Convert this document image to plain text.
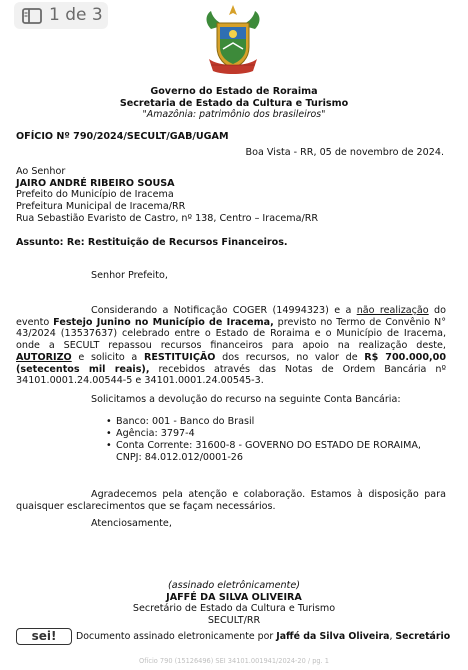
1 de 3
Governo do Estado de Roraima
Secretaria de Estado da Cultura e Turismo
"Amazônia: patrimônio dos brasileiros"
OFÍCIO Nº 790/2024/SECULT/GAB/UGAM
Boa Vista - RR, 05 de novembro de 2024.
Ao Senhor
JAIRO ANDRÉ RIBEIRO SOUSA
Prefeito do Município de Iracema
Prefeitura Municipal de Iracema/RR
Rua Sebastião Evaristo de Castro, nº 138, Centro – Iracema/RR
Assunto: Re: Restituição de Recursos Financeiros.
Senhor Prefeito,
Considerando a Notificação COGER (14994323) e a não realização do evento Festejo Junino no Município de Iracema, previsto no Termo de Convênio N° 43/2024 (13537637) celebrado entre o Estado de Roraima e o Município de Iracema, onde a SECULT repassou recursos financeiros para apoio na realização deste, AUTORIZO e solicito a RESTITUIÇÃO dos recursos, no valor de R$ 700.000,00 (setecentos mil reais), recebidos através das Notas de Ordem Bancária nº 34101.0001.24.00544-5 e 34101.0001.24.00545-3.
Solicitamos a devolução do recurso na seguinte Conta Bancária:
• Banco: 001 - Banco do Brasil
• Agência: 3797-4
• Conta Corrente: 31600-8 - GOVERNO DO ESTADO DE RORAIMA, CNPJ: 84.012.012/0001-26
Agradecemos pela atenção e colaboração. Estamos à disposição para quaisquer esclarecimentos que se façam necessários.
Atenciosamente,
(assinado eletrônicamente)
JAFFÉ DA SILVA OLIVEIRA
Secretário de Estado da Cultura e Turismo
SECULT/RR
sei!	Documento assinado eletronicamente por Jaffé da Silva Oliveira, Secretário
Ofício 790 (15126496) SEI 34101.001941/2024-20 / pg. 1
